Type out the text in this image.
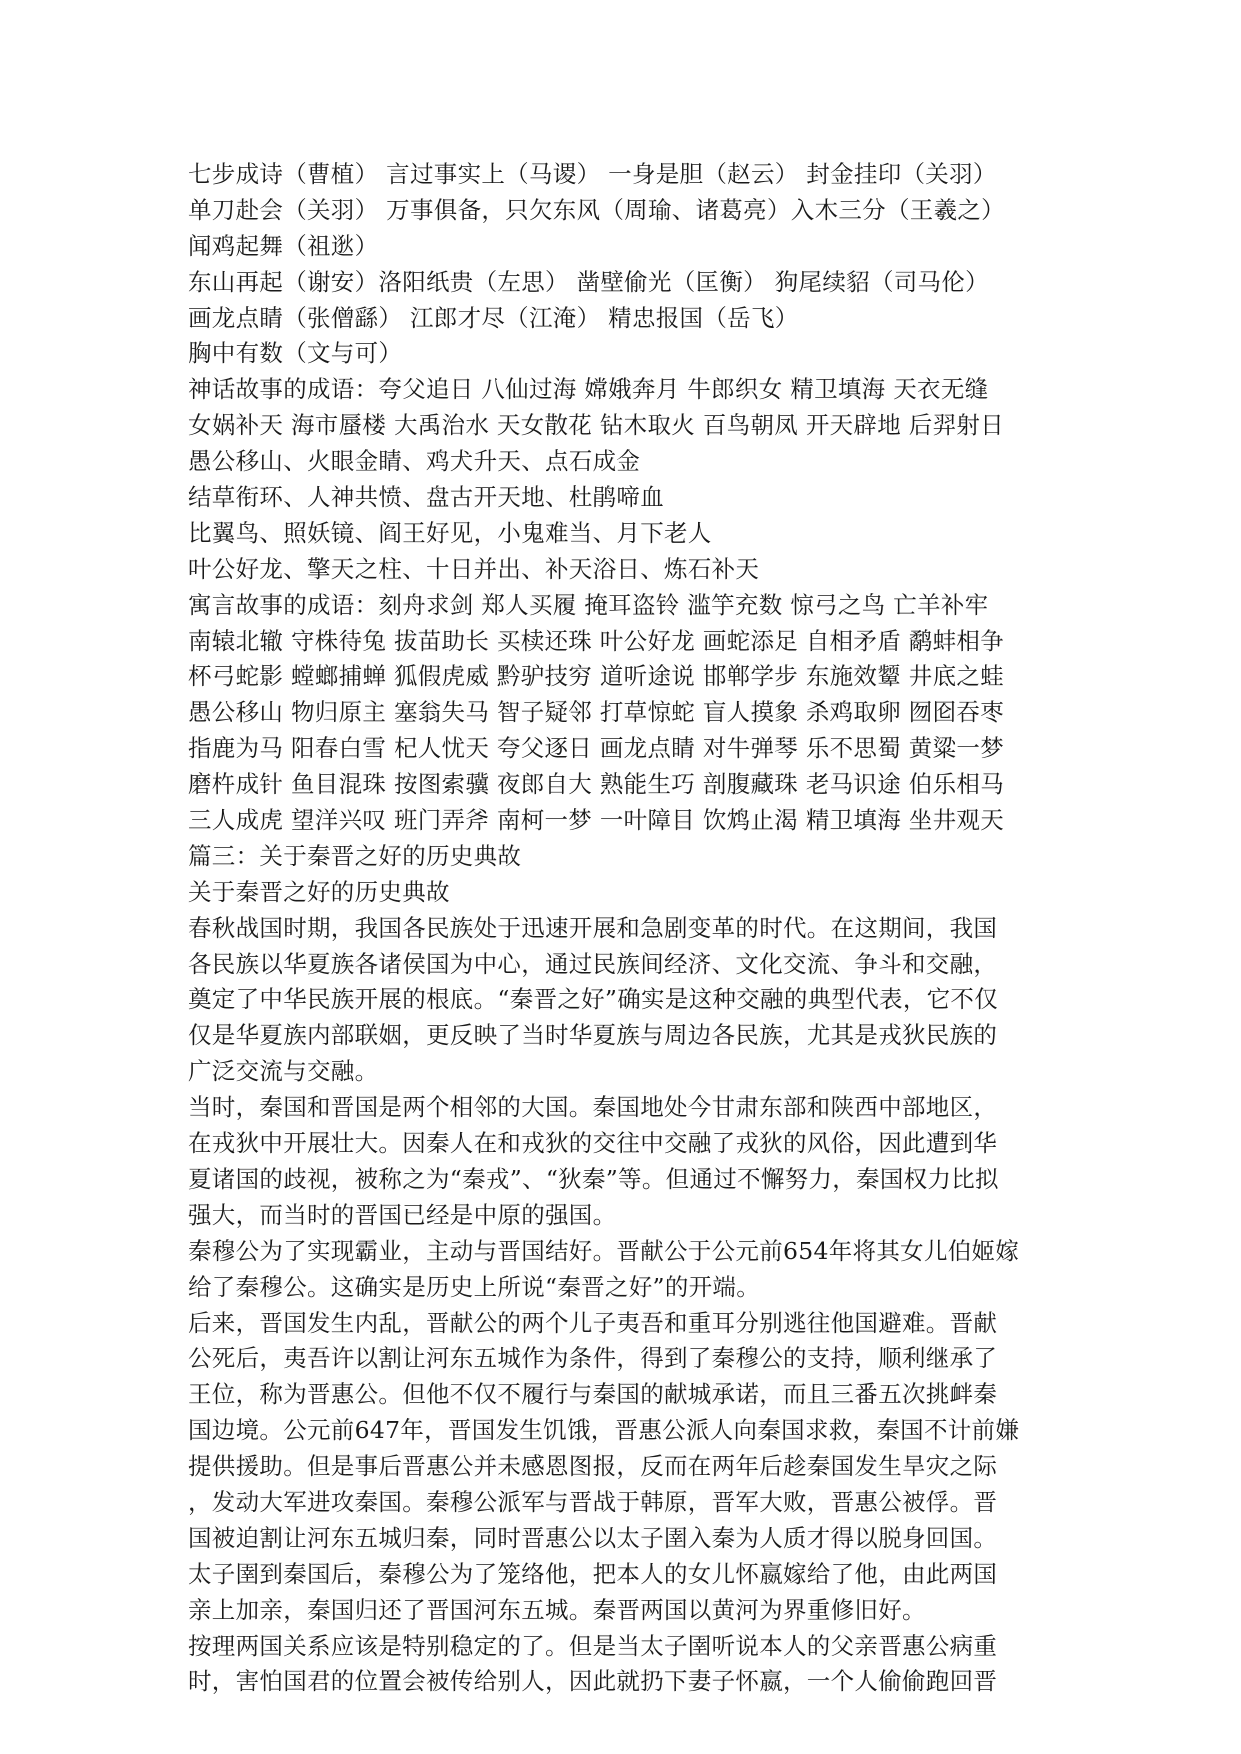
七步成诗（曹植） 言过事实上（马谡） 一身是胆（赵云） 封金挂印（关羽）
单刀赴会（关羽） 万事俱备，只欠东风（周瑜、诸葛亮）入木三分（王羲之）
闻鸡起舞（祖逖）
东山再起（谢安）洛阳纸贵（左思） 凿壁偷光（匡衡） 狗尾续貂（司马伦）
画龙点睛（张僧繇） 江郎才尽（江淹） 精忠报国（岳飞）
胸中有数（文与可）
神话故事的成语：夸父追日 八仙过海 嫦娥奔月 牛郎织女 精卫填海 天衣无缝
女娲补天 海市蜃楼 大禹治水 天女散花 钻木取火 百鸟朝凤 开天辟地 后羿射日
愚公移山、火眼金睛、鸡犬升天、点石成金
结草衔环、人神共愤、盘古开天地、杜鹃啼血
比翼鸟、照妖镜、阎王好见，小鬼难当、月下老人
叶公好龙、擎天之柱、十日并出、补天浴日、炼石补天
寓言故事的成语：刻舟求剑 郑人买履 掩耳盗铃 滥竽充数 惊弓之鸟 亡羊补牢
南辕北辙 守株待兔 拔苗助长 买椟还珠 叶公好龙 画蛇添足 自相矛盾 鹬蚌相争
杯弓蛇影 螳螂捕蝉 狐假虎威 黔驴技穷 道听途说 邯郸学步 东施效颦 井底之蛙
愚公移山 物归原主 塞翁失马 智子疑邻 打草惊蛇 盲人摸象 杀鸡取卵 囫囵吞枣
指鹿为马 阳春白雪 杞人忧天 夸父逐日 画龙点睛 对牛弹琴 乐不思蜀 黄粱一梦
磨杵成针 鱼目混珠 按图索骥 夜郎自大 熟能生巧 剖腹藏珠 老马识途 伯乐相马
三人成虎 望洋兴叹 班门弄斧 南柯一梦 一叶障目 饮鸩止渴 精卫填海 坐井观天
篇三：关于秦晋之好的历史典故
关于秦晋之好的历史典故
春秋战国时期，我国各民族处于迅速开展和急剧变革的时代。在这期间，我国
各民族以华夏族各诸侯国为中心，通过民族间经济、文化交流、争斗和交融，
奠定了中华民族开展的根底。“秦晋之好”确实是这种交融的典型代表，它不仅
仅是华夏族内部联姻，更反映了当时华夏族与周边各民族，尤其是戎狄民族的
广泛交流与交融。
当时，秦国和晋国是两个相邻的大国。秦国地处今甘肃东部和陕西中部地区，
在戎狄中开展壮大。因秦人在和戎狄的交往中交融了戎狄的风俗，因此遭到华
夏诸国的歧视，被称之为“秦戎”、“狄秦”等。但通过不懈努力，秦国权力比拟
强大，而当时的晋国已经是中原的强国。
秦穆公为了实现霸业，主动与晋国结好。晋献公于公元前654年将其女儿伯姬嫁
给了秦穆公。这确实是历史上所说“秦晋之好”的开端。
后来，晋国发生内乱，晋献公的两个儿子夷吾和重耳分别逃往他国避难。晋献
公死后，夷吾许以割让河东五城作为条件，得到了秦穆公的支持，顺利继承了
王位，称为晋惠公。但他不仅不履行与秦国的献城承诺，而且三番五次挑衅秦
国边境。公元前647年，晋国发生饥饿，晋惠公派人向秦国求救，秦国不计前嫌
提供援助。但是事后晋惠公并未感恩图报，反而在两年后趁秦国发生旱灾之际
，发动大军进攻秦国。秦穆公派军与晋战于韩原，晋军大败，晋惠公被俘。晋
国被迫割让河东五城归秦，同时晋惠公以太子圉入秦为人质才得以脱身回国。
太子圉到秦国后，秦穆公为了笼络他，把本人的女儿怀嬴嫁给了他，由此两国
亲上加亲，秦国归还了晋国河东五城。秦晋两国以黄河为界重修旧好。
按理两国关系应该是特别稳定的了。但是当太子圉听说本人的父亲晋惠公病重
时，害怕国君的位置会被传给别人，因此就扔下妻子怀嬴，一个人偷偷跑回晋
